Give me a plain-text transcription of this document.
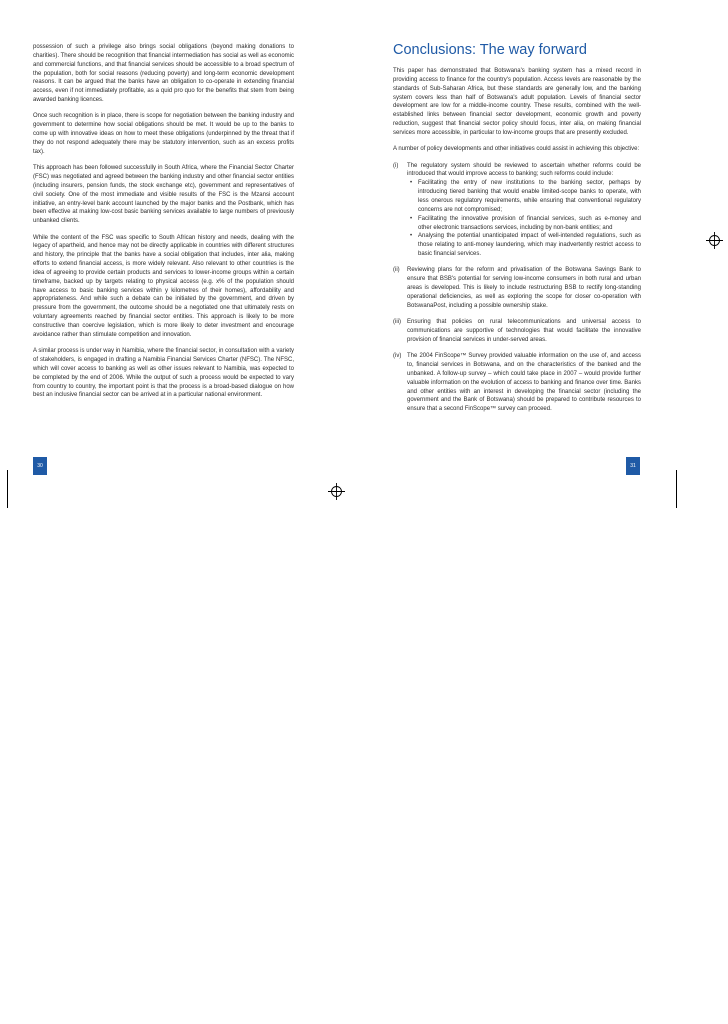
possession of such a privilege also brings social obligations (beyond making donations to charities). There should be recognition that financial intermediation has social as well as economic and commercial functions, and that financial services should be accessible to a broad spectrum of the population, both for social reasons (reducing poverty) and long-term economic development reasons. It can be argued that the banks have an obligation to co-operate in extending financial access, even if not immediately profitable, as a quid pro quo for the benefits that stem from being awarded banking licences.

Once such recognition is in place, there is scope for negotiation between the banking industry and government to determine how social obligations should be met. It would be up to the banks to come up with innovative ideas on how to meet these obligations (underpinned by the threat that if they do not respond adequately there may be statutory intervention, such as an excess profits tax).

This approach has been followed successfully in South Africa, where the Financial Sector Charter (FSC) was negotiated and agreed between the banking industry and other financial sector entities (including insurers, pension funds, the stock exchange etc), government and representatives of civil society. One of the most immediate and visible results of the FSC is the Mzansi account initiative, an entry-level bank account launched by the major banks and the Postbank, which has been effective at making low-cost basic banking services available to large numbers of previously unbanked clients.

While the content of the FSC was specific to South African history and needs, dealing with the legacy of apartheid, and hence may not be directly applicable in countries with different structures and history, the principle that the banks have a social obligation that includes, inter alia, making efforts to extend financial access, is more widely relevant. Also relevant to other countries is the idea of agreeing to provide certain products and services to lower-income groups within a certain timeframe, backed up by targets relating to physical access (e.g. x% of the population should have access to basic banking services within y kilometres of their homes), affordability and appropriateness. And while such a debate can be initiated by the government, and driven by pressure from the government, the outcome should be a negotiated one that ultimately rests on voluntary agreements reached by financial sector entities. This approach is likely to be more constructive than coercive legislation, which is more likely to deter investment and encourage avoidance rather than stimulate competition and innovation.

A similar process is under way in Namibia, where the financial sector, in consultation with a variety of stakeholders, is engaged in drafting a Namibia Financial Services Charter (NFSC). The NFSC, which will cover access to banking as well as other issues relevant to Namibia, was expected to be completed by the end of 2006. While the output of such a process would be expected to vary from country to country, the important point is that the process is a broad-based dialogue on how best an inclusive financial sector can be arrived at in a particular national environment.

Conclusions: The way forward

This paper has demonstrated that Botswana's banking system has a mixed record in providing access to finance for the country's population. Access levels are reasonable by the standards of Sub-Saharan Africa, but these standards are generally low, and the banking system covers less than half of Botswana's adult population. Levels of financial sector development are low for a middle-income country. These results, combined with the well-established links between financial sector development, economic growth and poverty reduction, suggest that financial sector policy should focus, inter alia, on making financial services more accessible, in particular to low-income groups that are presently excluded.

A number of policy developments and other initiatives could assist in achieving this objective:

(i) The regulatory system should be reviewed to ascertain whether reforms could be introduced that would improve access to banking; such reforms could include:
• Facilitating the entry of new institutions to the banking sector, perhaps by introducing tiered banking that would enable limited-scope banks to operate, with less onerous regulatory requirements, while ensuring that conventional regulatory concerns are not compromised;
• Facilitating the innovative provision of financial services, such as e-money and other electronic transactions services, including by non-bank entities; and
• Analysing the potential unanticipated impact of well-intended regulations, such as those relating to anti-money laundering, which may inadvertently restrict access to basic financial services.
(ii) Reviewing plans for the reform and privatisation of the Botswana Savings Bank to ensure that BSB's potential for serving low-income consumers in both rural and urban areas is developed. This is likely to include restructuring BSB to rectify long-standing operational deficiencies, as well as exploring the scope for closer co-operation with BotswanaPost, including a possible ownership stake.
(iii) Ensuring that policies on rural telecommunications and universal access to communications are supportive of technologies that would facilitate the innovative provision of financial services in under-served areas.
(iv) The 2004 FinScope™ Survey provided valuable information on the use of, and access to, financial services in Botswana, and on the characteristics of the banked and the unbanked. A follow-up survey – which could take place in 2007 – would provide further valuable information on the evolution of access to banking and finance over time. Banks and other entities with an interest in developing the financial sector (including the government and the Bank of Botswana) should be prepared to contribute resources to ensure that a second FinScope™ survey can proceed.
30	31
